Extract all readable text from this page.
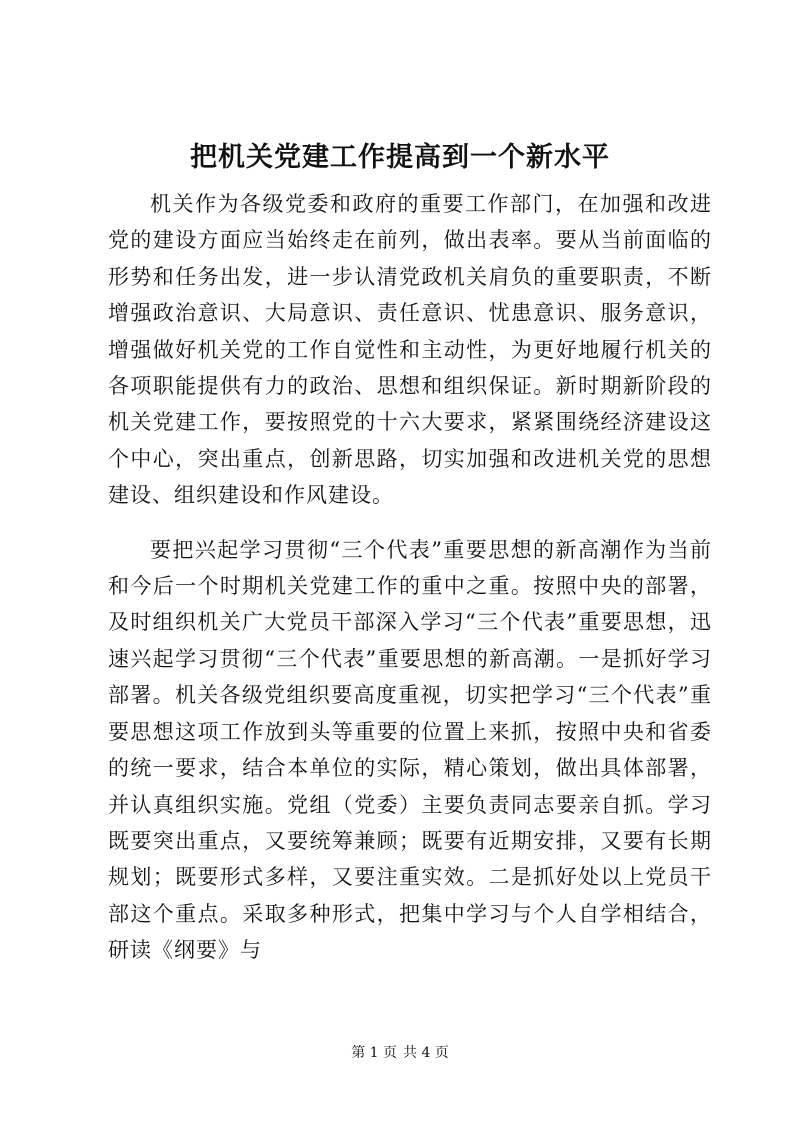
把机关党建工作提高到一个新水平

机关作为各级党委和政府的重要工作部门，在加强和改进党的建设方面应当始终走在前列，做出表率。要从当前面临的形势和任务出发，进一步认清党政机关肩负的重要职责，不断增强政治意识、大局意识、责任意识、忧患意识、服务意识，增强做好机关党的工作自觉性和主动性，为更好地履行机关的各项职能提供有力的政治、思想和组织保证。新时期新阶段的机关党建工作，要按照党的十六大要求，紧紧围绕经济建设这个中心，突出重点，创新思路，切实加强和改进机关党的思想建设、组织建设和作风建设。

要把兴起学习贯彻“三个代表”重要思想的新高潮作为当前和今后一个时期机关党建工作的重中之重。按照中央的部署，及时组织机关广大党员干部深入学习“三个代表”重要思想，迅速兴起学习贯彻“三个代表”重要思想的新高潮。一是抓好学习部署。机关各级党组织要高度重视，切实把学习“三个代表”重要思想这项工作放到头等重要的位置上来抓，按照中央和省委的统一要求，结合本单位的实际，精心策划，做出具体部署，并认真组织实施。党组（党委）主要负责同志要亲自抓。学习既要突出重点，又要统筹兼顾；既要有近期安排，又要有长期规划；既要形式多样，又要注重实效。二是抓好处以上党员干部这个重点。采取多种形式，把集中学习与个人自学相结合，研读《纲要》与

第 1 页 共 4 页
